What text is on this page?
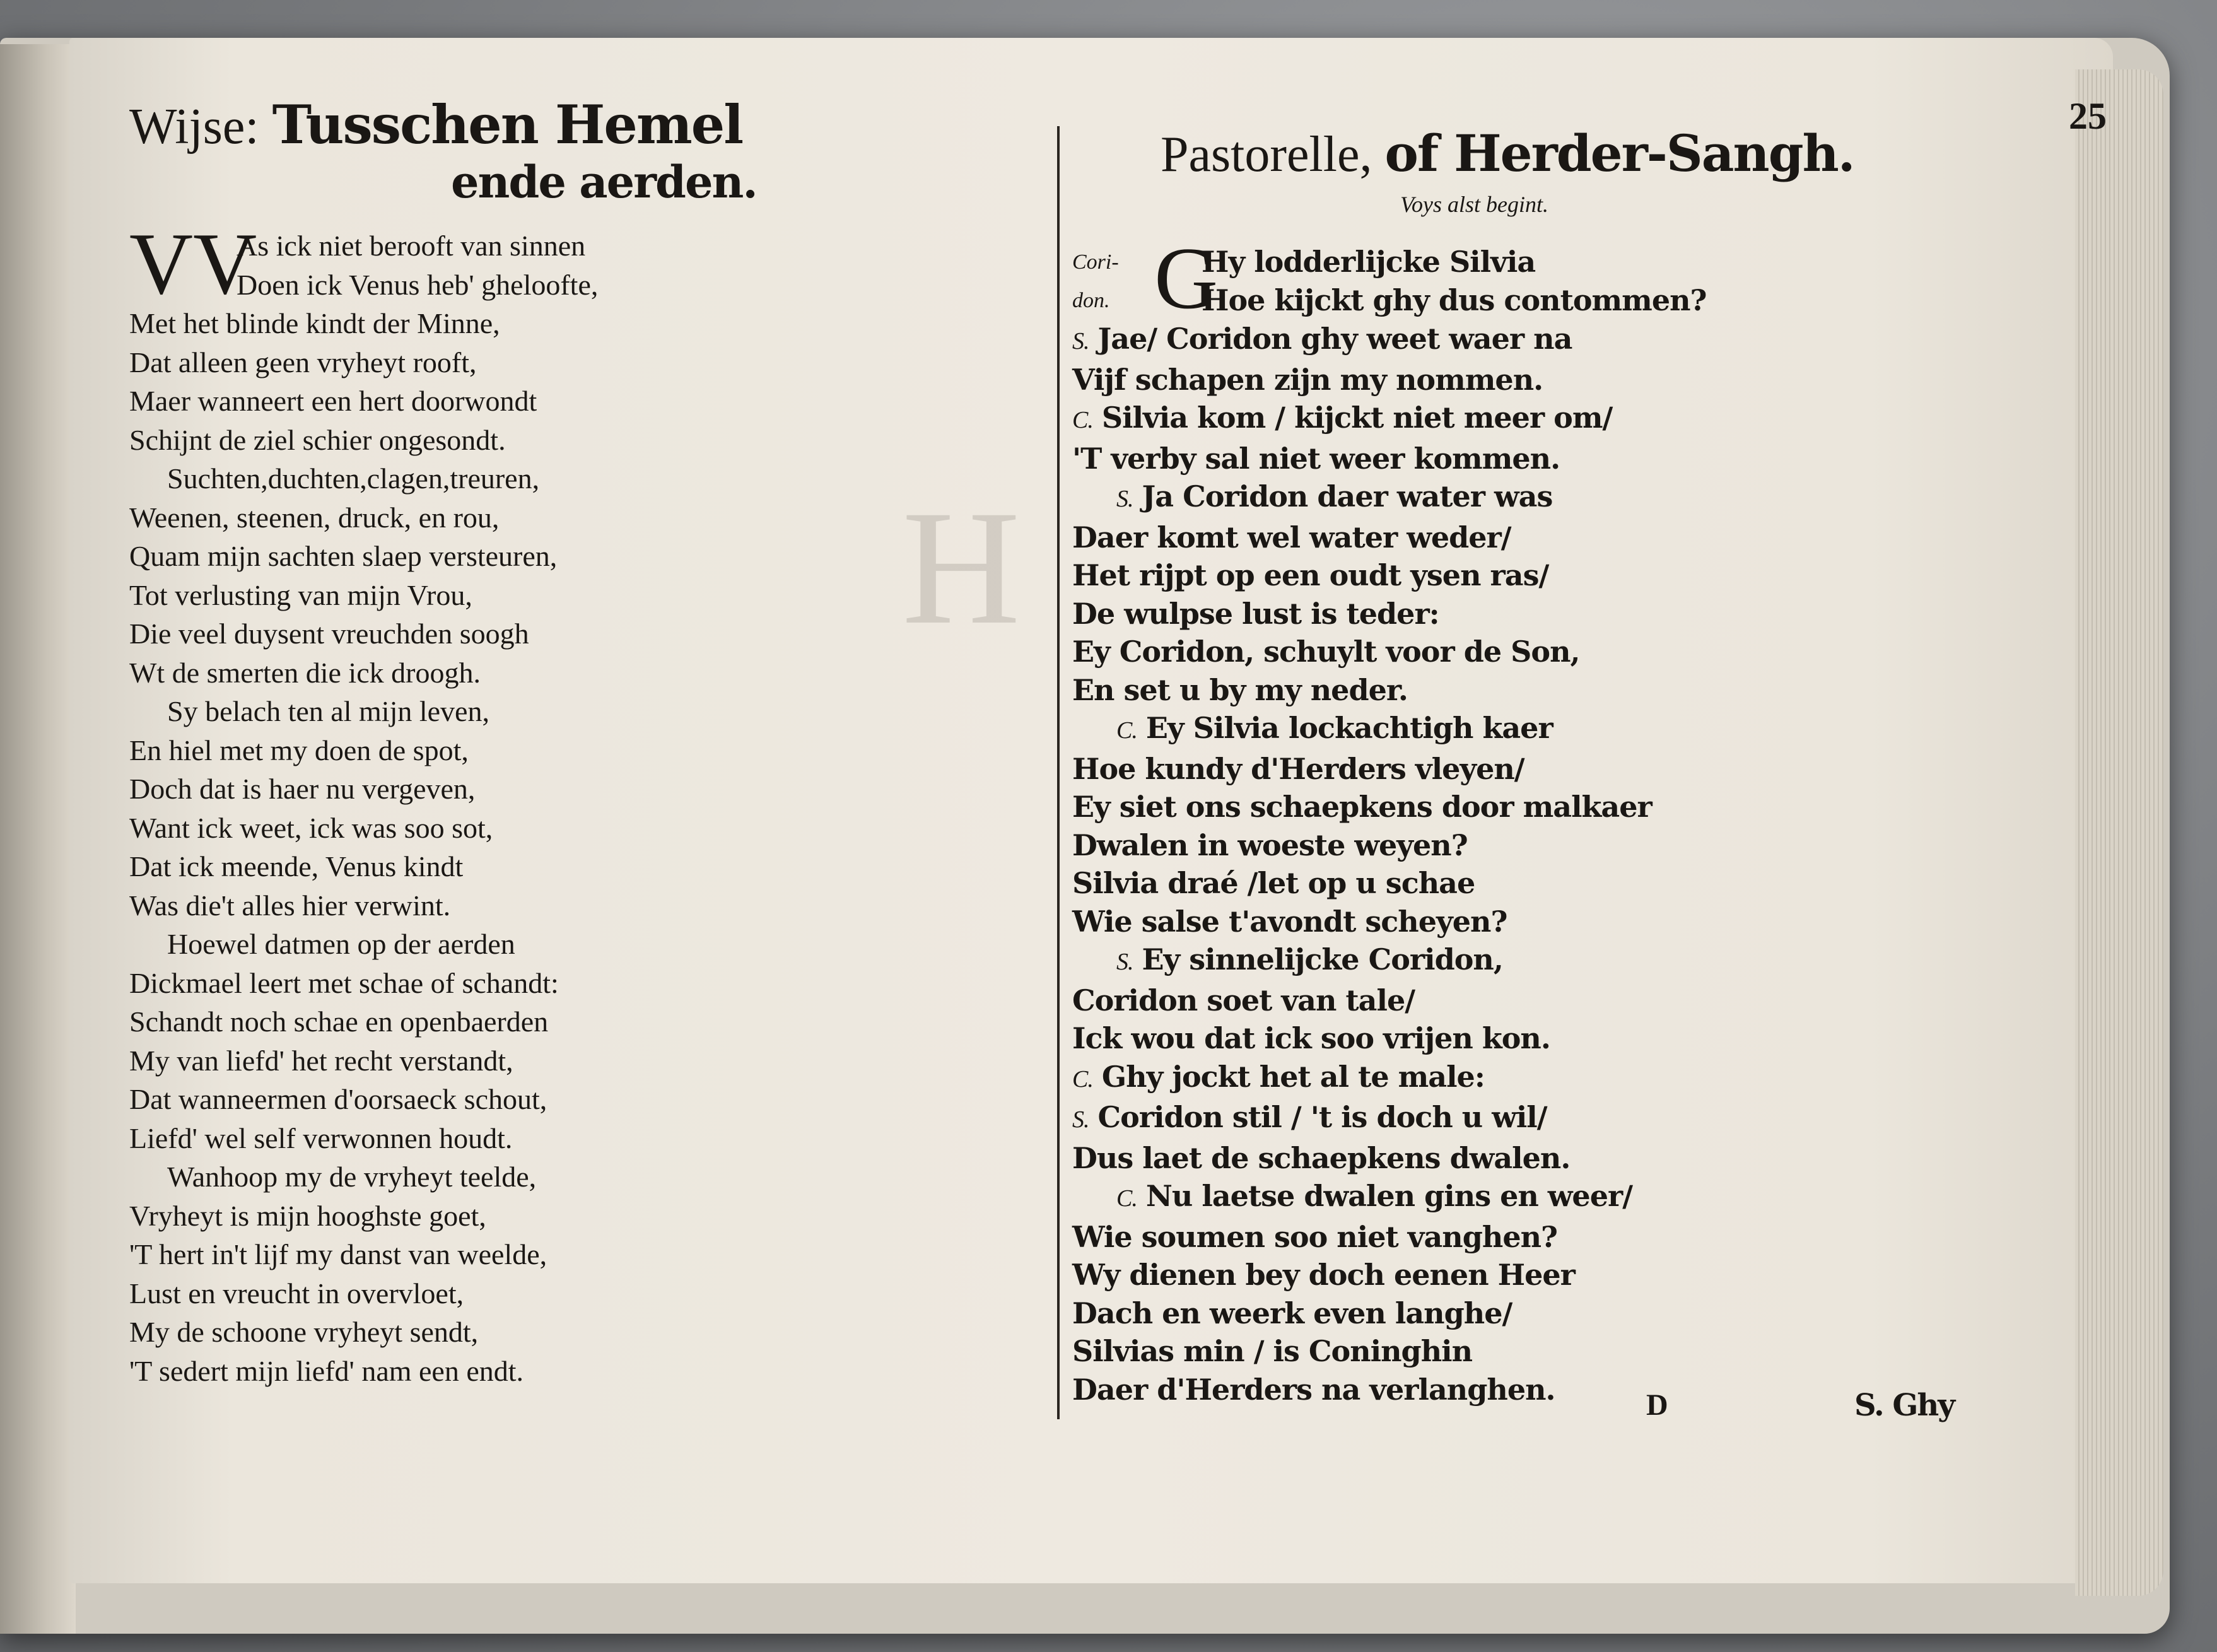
H
Wijse: Tusschen Hemel
ende aerden.
VV
As ick niet berooft van sinnen
Doen ick Venus heb' gheloofte,
Met het blinde kindt der Minne,
Dat alleen geen vryheyt rooft,
Maer wanneert een hert doorwondt
Schijnt de ziel schier ongesondt.
Suchten,duchten,clagen,treuren,
Weenen, steenen, druck, en rou,
Quam mijn sachten slaep versteuren,
Tot verlusting van mijn Vrou,
Die veel duysent vreuchden soogh
Wt de smerten die ick droogh.
Sy belach ten al mijn leven,
En hiel met my doen de spot,
Doch dat is haer nu vergeven,
Want ick weet, ick was soo sot,
Dat ick meende, Venus kindt
Was die't alles hier verwint.
Hoewel datmen op der aerden
Dickmael leert met schae of schandt:
Schandt noch schae en openbaerden
My van liefd' het recht verstandt,
Dat wanneermen d'oorsaeck schout,
Liefd' wel self verwonnen houdt.
Wanhoop my de vryheyt teelde,
Vryheyt is mijn hooghste goet,
'T hert in't lijf my danst van weelde,
Lust en vreucht in overvloet,
My de schoone vryheyt sendt,
'T sedert mijn liefd' nam een endt.
Pastorelle, of Herder-Sangh.
Voys alst begint.
Cori-
don. G
Hy lodderlijcke Silvia
Hoe kijckt ghy dus contommen?
S. Jae/ Coridon ghy weet waer na
Vijf schapen zijn my nommen.
C. Silvia kom / kijckt niet meer om/
'T verby sal niet weer kommen.
S. Ja Coridon daer water was
Daer komt wel water weder/
Het rijpt op een oudt ysen ras/
De wulpse lust is teder:
Ey Coridon, schuylt voor de Son,
En set u by my neder.
C. Ey Silvia lockachtigh kaer
Hoe kundy d'Herders vleyen/
Ey siet ons schaepkens door malkaer
Dwalen in woeste weyen?
Silvia draé /let op u schae
Wie salse t'avondt scheyen?
S. Ey sinnelijcke Coridon,
Coridon soet van tale/
Ick wou dat ick soo vrijen kon.
C. Ghy jockt het al te male:
S. Coridon stil / 't is doch u wil/
Dus laet de schaepkens dwalen.
C. Nu laetse dwalen gins en weer/
Wie soumen soo niet vanghen?
Wy dienen bey doch eenen Heer
Dach en weerk even langhe/
Silvias min / is Coninghin
Daer d'Herders na verlanghen.
25
D	S. Ghy
